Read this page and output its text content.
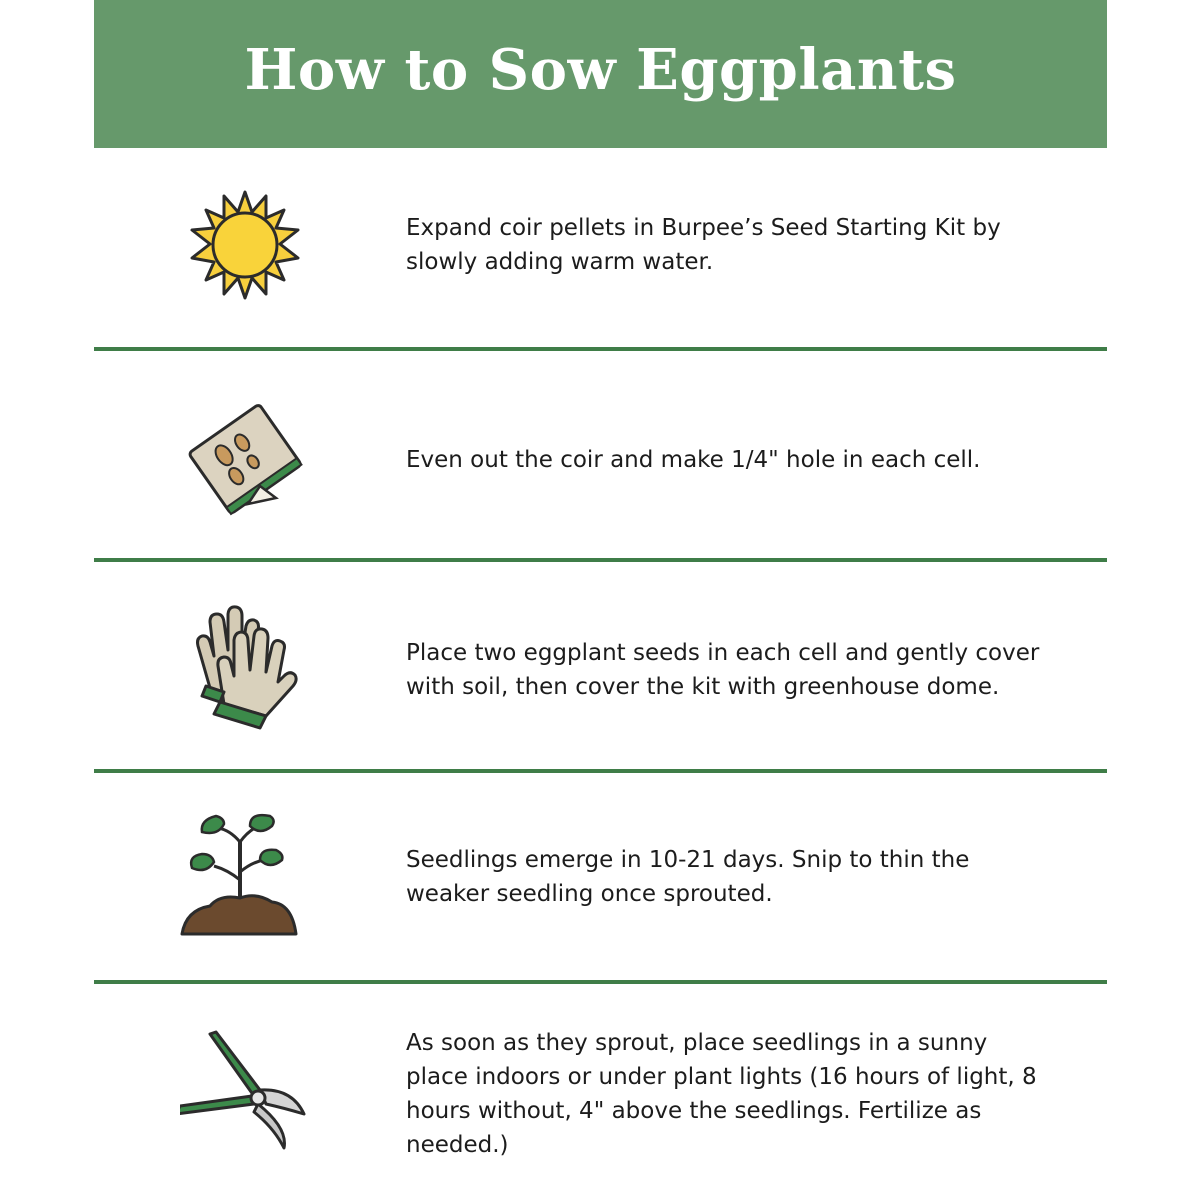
How to Sow Eggplants
Expand coir pellets in Burpee’s Seed Starting Kit by slowly adding warm water.
Even out the coir and make 1/4" hole in each cell.
Place two eggplant seeds in each cell and gently cover with soil, then cover the kit with greenhouse dome.
Seedlings emerge in 10-21 days. Snip to thin the weaker seedling once sprouted.
As soon as they sprout, place seedlings in a sunny place indoors or under plant lights (16 hours of light, 8 hours without, 4" above the seedlings. Fertilize as needed.)
